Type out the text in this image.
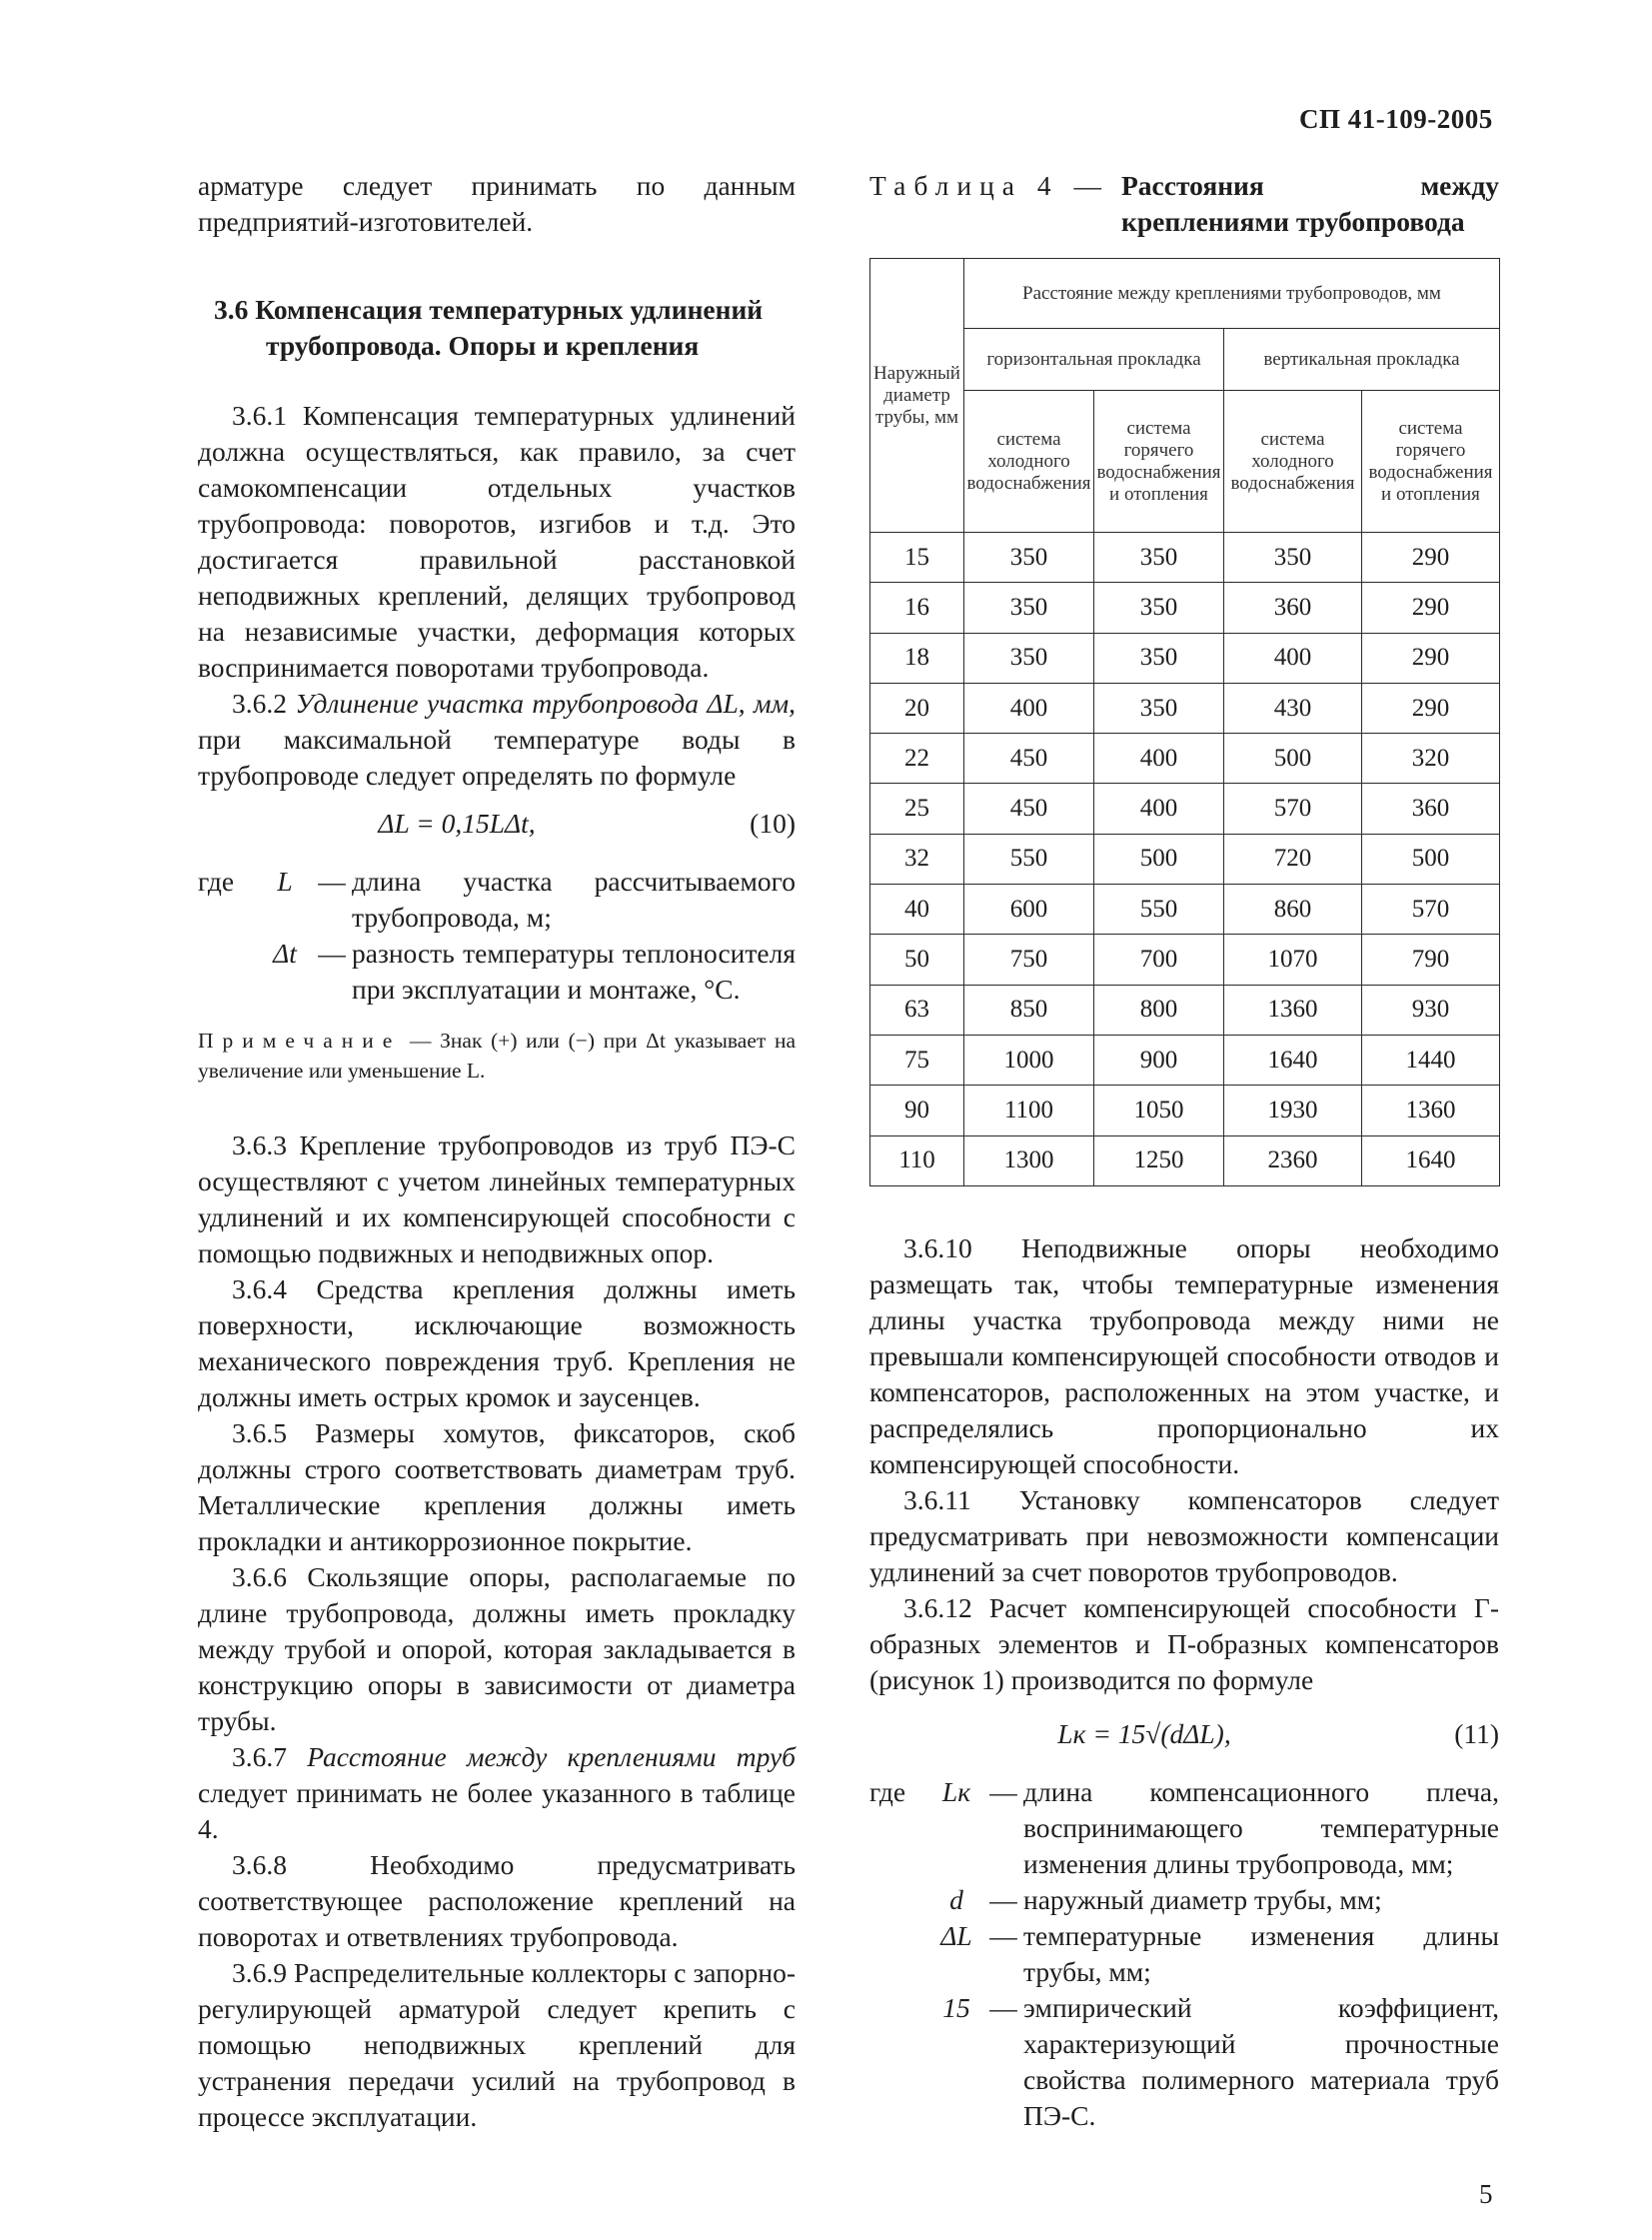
СП 41-109-2005

арматуре следует принимать по данным предприятий-изготовителей.

3.6 Компенсация температурных удлинений трубопровода. Опоры и крепления

3.6.1 Компенсация температурных удлинений должна осуществляться, как правило, за счет самокомпенсации отдельных участков трубопровода: поворотов, изгибов и т.д. Это достигается правильной расстановкой неподвижных креплений, делящих трубопровод на независимые участки, деформация которых воспринимается поворотами трубопровода.

3.6.2 Удлинение участка трубопровода ΔL, мм, при максимальной температуре воды в трубопроводе следует определять по формуле

ΔL = 0,15LΔt,	(10)
где	L — длина участка рассчитываемого трубопровода, м;
Δt — разность температуры теплоносителя при эксплуатации и монтаже, °С.

Примечание — Знак (+) или (−) при Δt указывает на увеличение или уменьшение L.

3.6.3 Крепление трубопроводов из труб ПЭ-С осуществляют с учетом линейных температурных удлинений и их компенсирующей способности с помощью подвижных и неподвижных опор.

3.6.4 Средства крепления должны иметь поверхности, исключающие возможность механического повреждения труб. Крепления не должны иметь острых кромок и заусенцев.

3.6.5 Размеры хомутов, фиксаторов, скоб должны строго соответствовать диаметрам труб. Металлические крепления должны иметь прокладки и антикоррозионное покрытие.

3.6.6 Скользящие опоры, располагаемые по длине трубопровода, должны иметь прокладку между трубой и опорой, которая закладывается в конструкцию опоры в зависимости от диаметра трубы.

3.6.7 Расстояние между креплениями труб следует принимать не более указанного в таблице 4.

3.6.8 Необходимо предусматривать соответствующее расположение креплений на поворотах и ответвлениях трубопровода.

3.6.9 Распределительные коллекторы с запорно-регулирующей арматурой следует крепить с помощью неподвижных креплений для устранения передачи усилий на трубопровод в процессе эксплуатации.

Таблица 4 — Расстояния между креплениями трубопровода
Наружный диаметр трубы, мм	Расстояние между креплениями трубопроводов, мм			
	горизонтальная прокладка		вертикальная прокладка	
	система холодного водоснабжения	система горячего водоснабжения и отопления	система холодного водоснабжения	система горячего водоснабжения и отопления
15	350	350	350	290
16	350	350	360	290
18	350	350	400	290
20	400	350	430	290
22	450	400	500	320
25	450	400	570	360
32	550	500	720	500
40	600	550	860	570
50	750	700	1070	790
63	850	800	1360	930
75	1000	900	1640	1440
90	1100	1050	1930	1360
110	1300	1250	2360	1640

3.6.10 Неподвижные опоры необходимо размещать так, чтобы температурные изменения длины участка трубопровода между ними не превышали компенсирующей способности отводов и компенсаторов, расположенных на этом участке, и распределялись пропорционально их компенсирующей способности.

3.6.11 Установку компенсаторов следует предусматривать при невозможности компенсации удлинений за счет поворотов трубопроводов.

3.6.12 Расчет компенсирующей способности Г-образных элементов и П-образных компенсаторов (рисунок 1) производится по формуле

Lк = 15√(dΔL),	(11)
где	Lк — длина компенсационного плеча, воспринимающего температурные изменения длины трубопровода, мм;
d — наружный диаметр трубы, мм;
ΔL — температурные изменения длины трубы, мм;
15 — эмпирический коэффициент, характеризующий прочностные свойства полимерного материала труб ПЭ-С.
5
